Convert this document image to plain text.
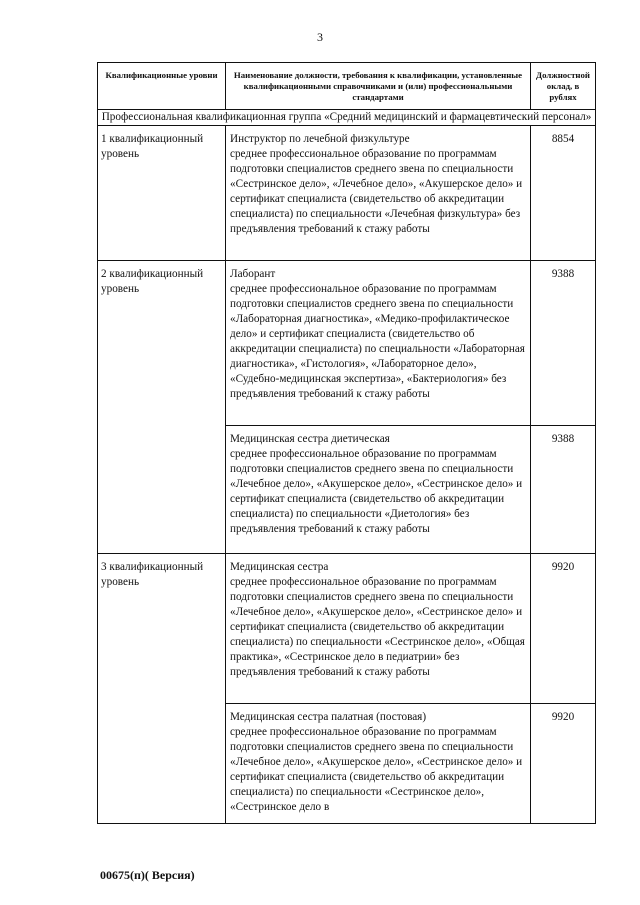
3
Квалификационные уровни	Наименование должности, требования к квалификации, установленные квалификационными справочниками и (или) профессиональными стандартами	Должностной оклад, в рублях
Профессиональная квалификационная группа «Средний медицинский и фармацевтический персонал»		
1 квалификационный уровень	Инструктор по лечебной физкультуре
среднее профессиональное образование по программам подготовки специалистов среднего звена по специальности «Сестринское дело», «Лечебное дело», «Акушерское дело» и сертификат специалиста (свидетельство об аккредитации специалиста) по специальности «Лечебная физкультура» без предъявления требований к стажу работы	8854
2 квалификационный уровень	Лаборант
среднее профессиональное образование по программам подготовки специалистов среднего звена по специальности «Лабораторная диагностика», «Медико-профилактическое дело» и сертификат специалиста (свидетельство об аккредитации специалиста) по специальности «Лабораторная диагностика», «Гистология», «Лабораторное дело», «Судебно-медицинская экспертиза», «Бактериология» без предъявления требований к стажу работы	9388

	Медицинская сестра диетическая
среднее профессиональное образование по программам подготовки специалистов среднего звена по специальности «Лечебное дело», «Акушерское дело», «Сестринское дело» и сертификат специалиста (свидетельство об аккредитации специалиста) по специальности «Диетология» без предъявления требований к стажу работы	9388
3 квалификационный уровень	Медицинская сестра
среднее профессиональное образование по программам подготовки специалистов среднего звена по специальности «Лечебное дело», «Акушерское дело», «Сестринское дело» и сертификат специалиста (свидетельство об аккредитации специалиста) по специальности «Сестринское дело», «Общая практика», «Сестринское дело в педиатрии» без предъявления требований к стажу работы	9920

	Медицинская сестра палатная (постовая)
среднее профессиональное образование по программам подготовки специалистов среднего звена по специальности «Лечебное дело», «Акушерское дело», «Сестринское дело» и сертификат специалиста (свидетельство об аккредитации специалиста) по специальности «Сестринское дело», «Сестринское дело в	9920
00675(п)( Версия)
